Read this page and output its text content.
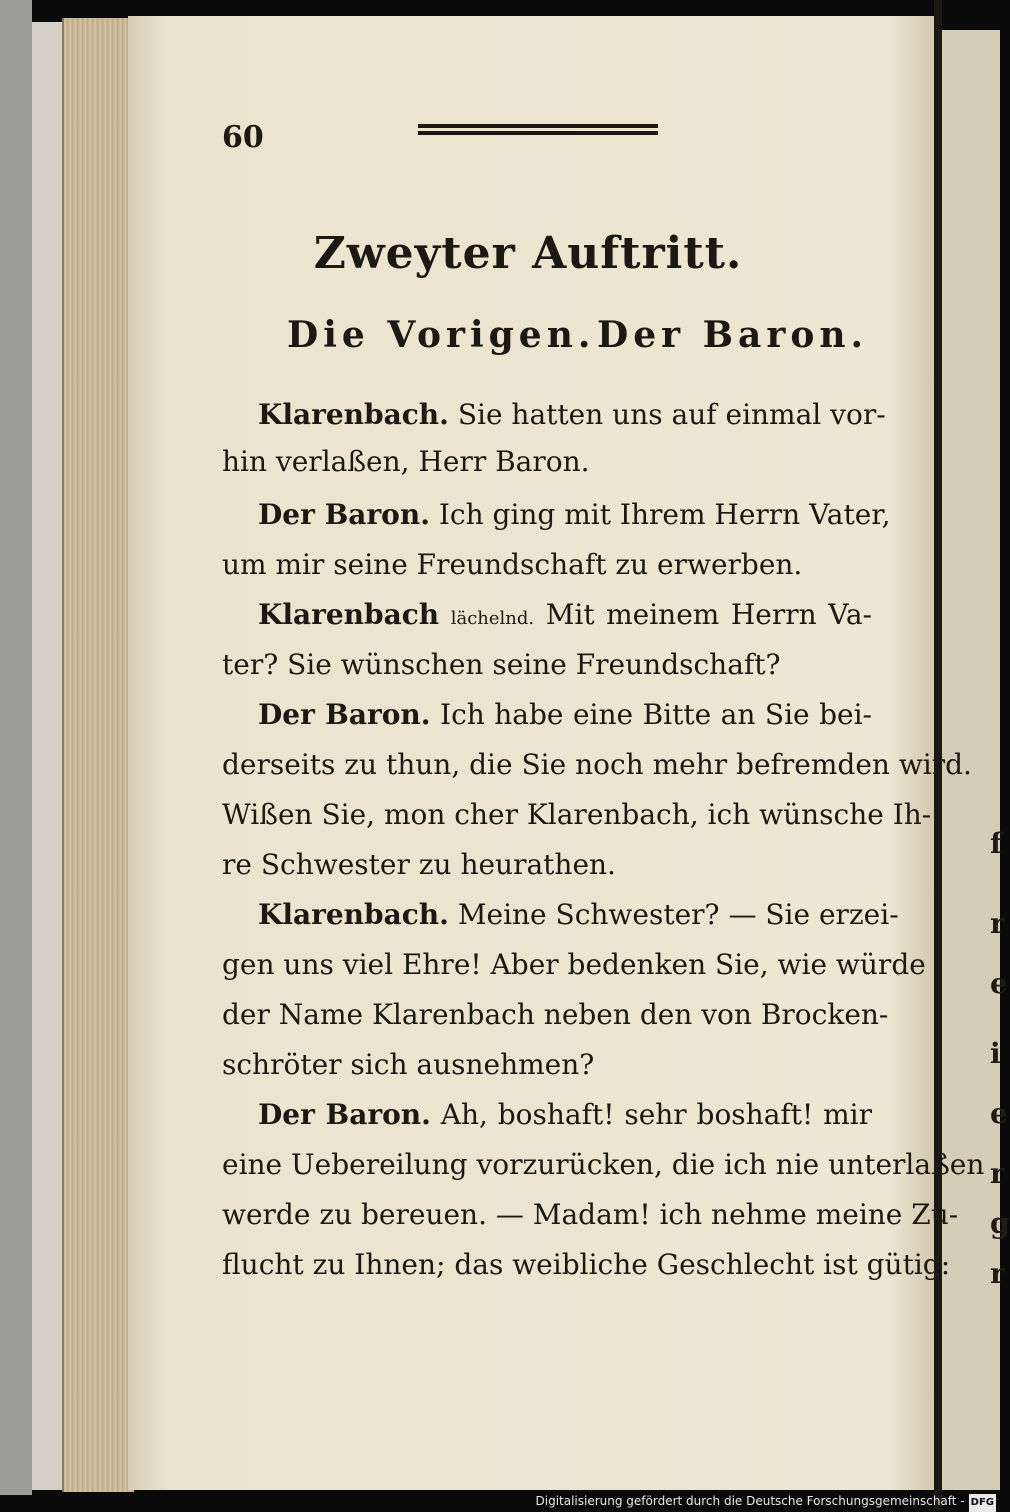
f
r
e
i
e
r
g
r
60
Zweyter Auftritt.
Die Vorigen. Der Baron.
Klarenbach. Sie hatten uns auf einmal vor-
hin verlaßen, Herr Baron.
Der Baron. Ich ging mit Ihrem Herrn Vater,
um mir seine Freundschaft zu erwerben.
Klarenbach lächelnd. Mit meinem Herrn Va-
ter? Sie wünschen seine Freundschaft?
Der Baron. Ich habe eine Bitte an Sie bei-
derseits zu thun, die Sie noch mehr befremden wird.
Wißen Sie, mon cher Klarenbach, ich wünsche Ih-
re Schwester zu heurathen.
Klarenbach. Meine Schwester? — Sie erzei-
gen uns viel Ehre! Aber bedenken Sie, wie würde
der Name Klarenbach neben den von Brocken-
schröter sich ausnehmen?
Der Baron. Ah, boshaft! sehr boshaft! mir
eine Uebereilung vorzurücken, die ich nie unterlaßen
werde zu bereuen. — Madam! ich nehme meine Zu-
flucht zu Ihnen; das weibliche Geschlecht ist gütig:
Digitalisierung gefördert durch die Deutsche Forschungsgemeinschaft - DFG
